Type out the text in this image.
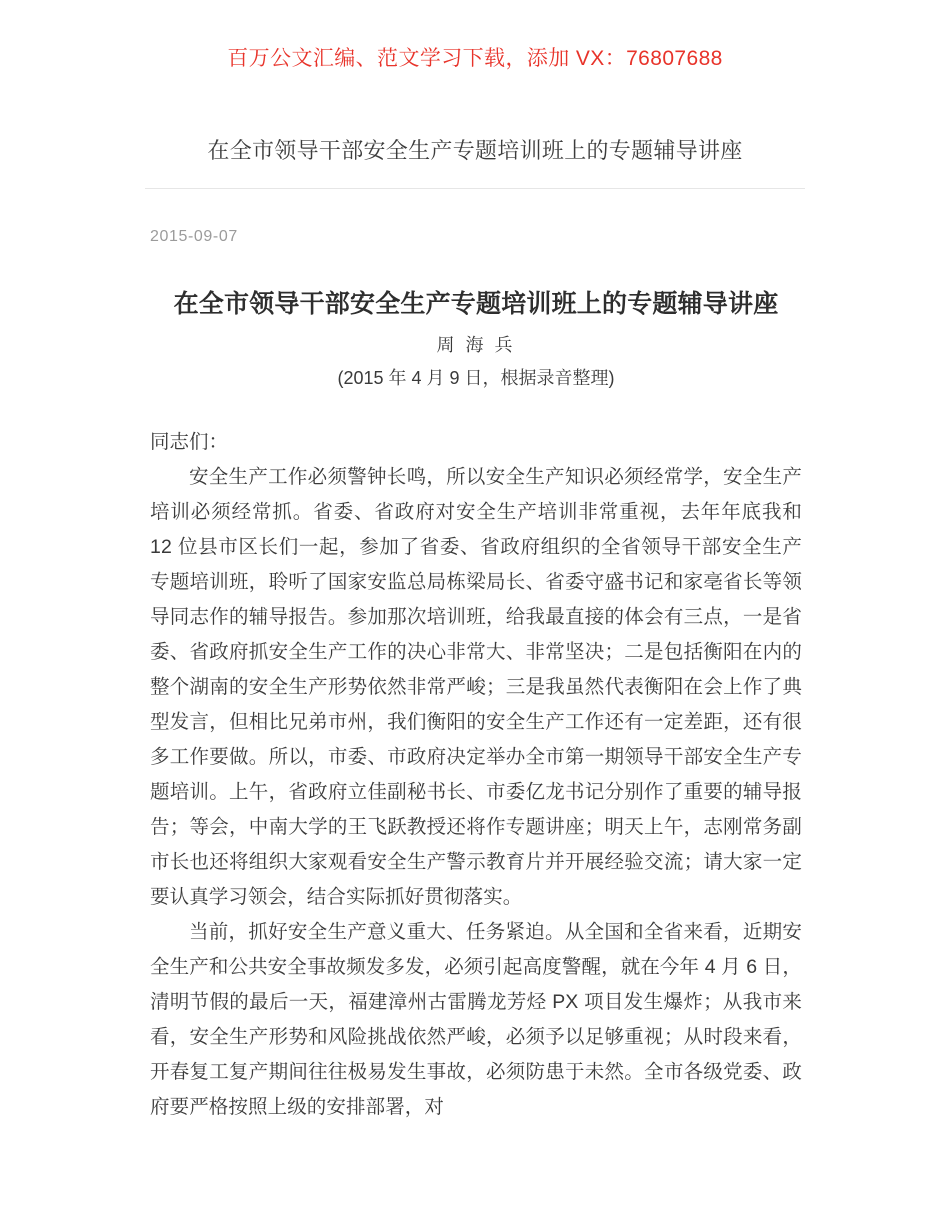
百万公文汇编、范文学习下载，添加 VX：76807688
在全市领导干部安全生产专题培训班上的专题辅导讲座
2015-09-07
在全市领导干部安全生产专题培训班上的专题辅导讲座
周 海 兵
(2015 年 4 月 9 日，根据录音整理)

同志们：

安全生产工作必须警钟长鸣，所以安全生产知识必须经常学，安全生产培训必须经常抓。省委、省政府对安全生产培训非常重视，去年年底我和 12 位县市区长们一起，参加了省委、省政府组织的全省领导干部安全生产专题培训班，聆听了国家安监总局栋梁局长、省委守盛书记和家亳省长等领导同志作的辅导报告。参加那次培训班，给我最直接的体会有三点，一是省委、省政府抓安全生产工作的决心非常大、非常坚决；二是包括衡阳在内的整个湖南的安全生产形势依然非常严峻；三是我虽然代表衡阳在会上作了典型发言，但相比兄弟市州，我们衡阳的安全生产工作还有一定差距，还有很多工作要做。所以，市委、市政府决定举办全市第一期领导干部安全生产专题培训。上午，省政府立佳副秘书长、市委亿龙书记分别作了重要的辅导报告；等会，中南大学的王飞跃教授还将作专题讲座；明天上午，志刚常务副市长也还将组织大家观看安全生产警示教育片并开展经验交流；请大家一定要认真学习领会，结合实际抓好贯彻落实。

当前，抓好安全生产意义重大、任务紧迫。从全国和全省来看，近期安全生产和公共安全事故频发多发，必须引起高度警醒，就在今年 4 月 6 日，清明节假的最后一天，福建漳州古雷腾龙芳烃 PX 项目发生爆炸；从我市来看，安全生产形势和风险挑战依然严峻，必须予以足够重视；从时段来看，开春复工复产期间往往极易发生事故，必须防患于未然。全市各级党委、政府要严格按照上级的安排部署，对
